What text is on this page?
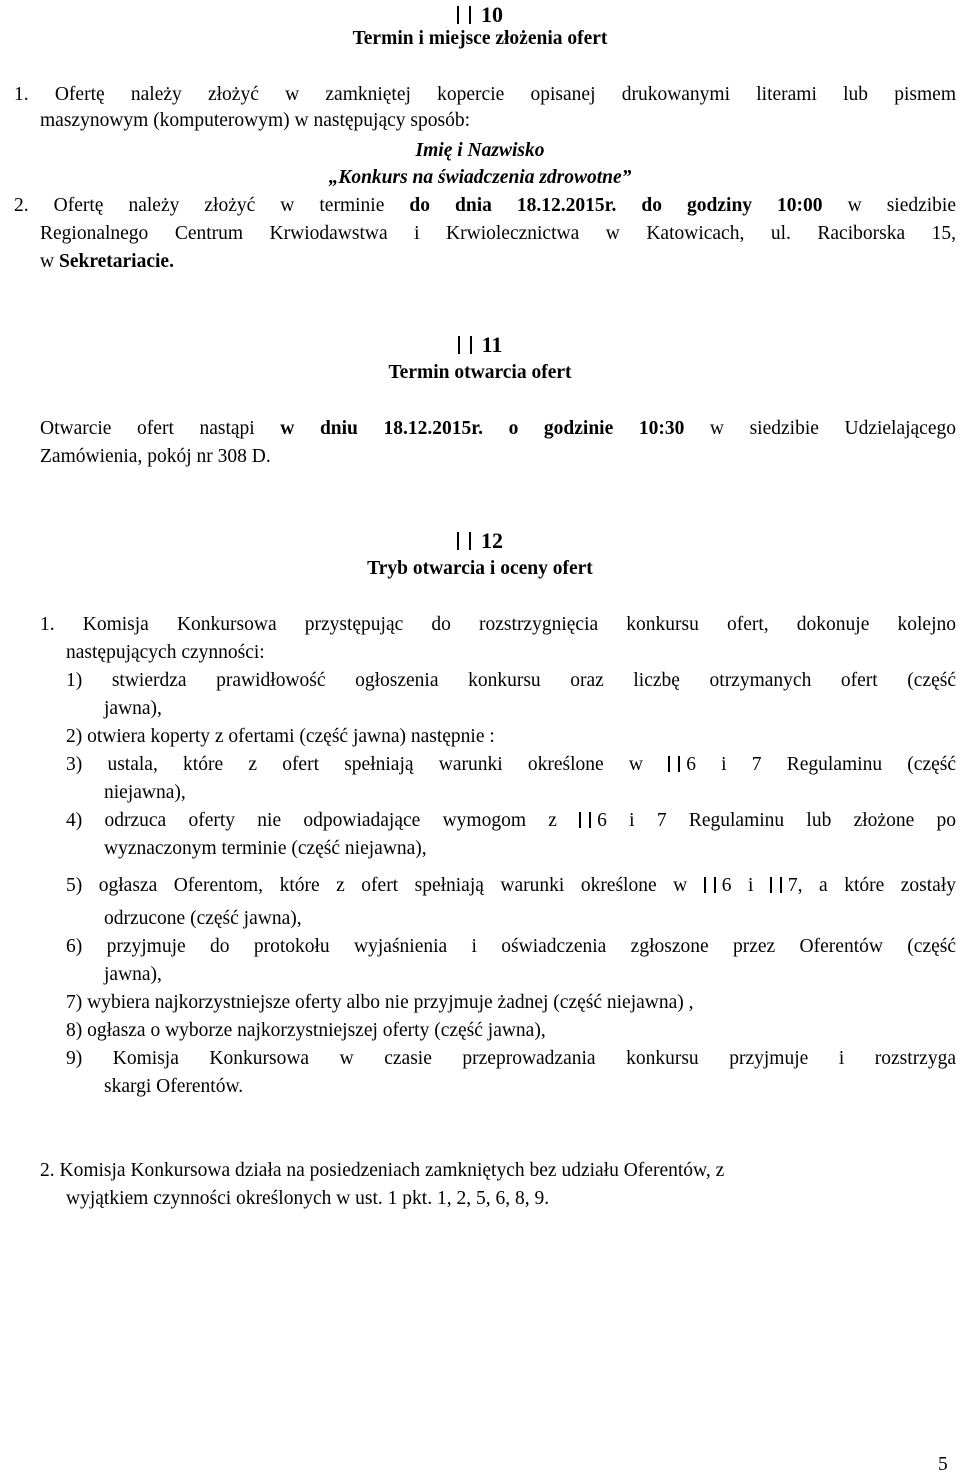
10
Termin i miejsce złożenia ofert
1. Ofertę należy złożyć w zamkniętej kopercie opisanej drukowanymi literami lub pismem
maszynowym (komputerowym) w następujący sposób:
Imię i Nazwisko
„Konkurs na świadczenia zdrowotne”
2. Ofertę należy złożyć w terminie do dnia 18.12.2015r. do godziny 10:00 w siedzibie
Regionalnego Centrum Krwiodawstwa i Krwiolecznictwa w Katowicach, ul. Raciborska 15,
w Sekretariacie.
11
Termin otwarcia ofert
Otwarcie ofert nastąpi w dniu 18.12.2015r. o godzinie 10:30 w siedzibie Udzielającego
Zamówienia, pokój nr 308 D.
12
Tryb otwarcia i oceny ofert
1. Komisja Konkursowa przystępując do rozstrzygnięcia konkursu ofert, dokonuje kolejno
następujących czynności:
1) stwierdza prawidłowość ogłoszenia konkursu oraz liczbę otrzymanych ofert (część
jawna),
2) otwiera koperty z ofertami (część jawna) następnie :
3) ustala, które z ofert spełniają warunki określone w 6 i 7 Regulaminu (część
niejawna),
4) odrzuca oferty nie odpowiadające wymogom z 6 i 7 Regulaminu lub złożone po
wyznaczonym terminie (część niejawna),
5) ogłasza Oferentom, które z ofert spełniają warunki określone w 6 i 7, a które zostały
odrzucone (część jawna),
6) przyjmuje do protokołu wyjaśnienia i oświadczenia zgłoszone przez Oferentów (część
jawna),
7) wybiera najkorzystniejsze oferty albo nie przyjmuje żadnej (część niejawna) ,
8) ogłasza o wyborze najkorzystniejszej oferty (część jawna),
9) Komisja Konkursowa w czasie przeprowadzania konkursu przyjmuje i rozstrzyga
skargi Oferentów.
2. Komisja Konkursowa działa na posiedzeniach zamkniętych bez udziału Oferentów, z
wyjątkiem czynności określonych w ust. 1 pkt. 1, 2, 5, 6, 8, 9.
5
